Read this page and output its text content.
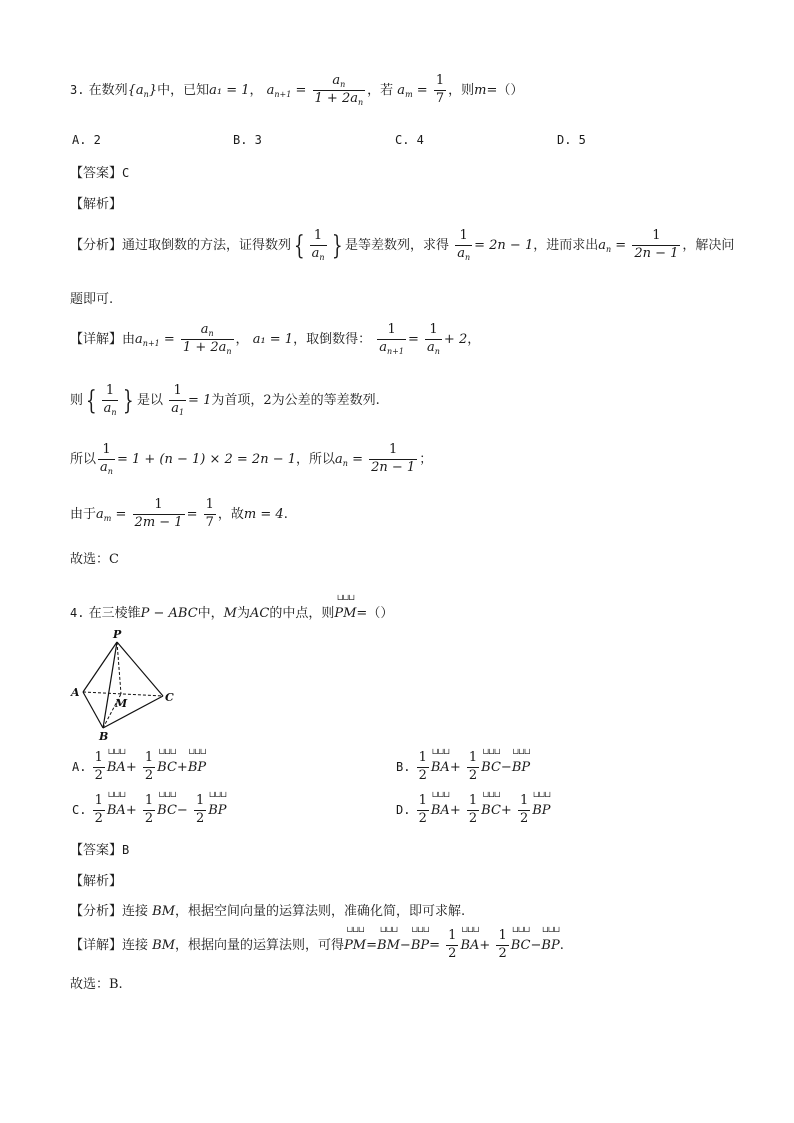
3. 在数列$\{a_n\}$中，已知a₁ = 1， $a_{n+1} = \frac{a_n}{1 + 2a_n}$ ，若 $a_m = \frac{1}{7}$ ，则m=（）
A. 2	B. 3	C. 4	D. 5
【答案】C
【解析】
【分析】通过取倒数的方法，证得数列 { $\frac{1}{a_n}$ } 是等差数列，求得 $\frac{1}{a_n} = 2n - 1$，进而求出$a_n = \frac{1}{2n - 1}$ ，解决问
题即可.
【详解】由$a_{n+1} = \frac{a_n}{1 + 2a_n}$ ， a₁ = 1，取倒数得： $\frac{1}{a_{n+1}} = \frac{1}{a_n} + 2$，
则 { $\frac{1}{a_n}$ } 是以 $\frac{1}{a_1} = 1$为首项，2为公差的等差数列.
所以 $\frac{1}{a_n} = 1 + (n - 1) \times 2 = 2n - 1$，所以$a_n = \frac{1}{2n - 1}$ ；
由于$a_m = \frac{1}{2m - 1} = \frac{1}{7}$ ，故m = 4.
故选：C
4. 在三棱锥P − ABC中，M为AC的中点，则⊔⊔⊔ PM=（）
P
A
B
C
M
A. $\frac{1}{2}$ ⊔⊔⊔ $BA+ \frac{1}{2}$ ⊔⊔⊔ BC+⊔⊔⊔ BP	B. $\frac{1}{2}$ ⊔⊔⊔ $BA+ \frac{1}{2}$ ⊔⊔⊔ BC−⊔⊔⊔ BP
C. $\frac{1}{2}$ ⊔⊔⊔ $BA+ \frac{1}{2}$ ⊔⊔⊔ $BC- \frac{1}{2}$ ⊔⊔⊔ BP	D. $\frac{1}{2}$ ⊔⊔⊔ $BA+ \frac{1}{2}$ ⊔⊔⊔ $BC+ \frac{1}{2}$ ⊔⊔⊔ BP
【答案】B
【解析】
【分析】连接 BM，根据空间向量的运算法则，准确化简，即可求解.
【详解】连接 BM，根据向量的运算法则，可得⊔⊔⊔ PM=⊔⊔⊔ BM−⊔⊔⊔ $BP= \frac{1}{2}$ ⊔⊔⊔ $BA+ \frac{1}{2}$ ⊔⊔⊔ BC−⊔⊔⊔ BP.
故选：B.
